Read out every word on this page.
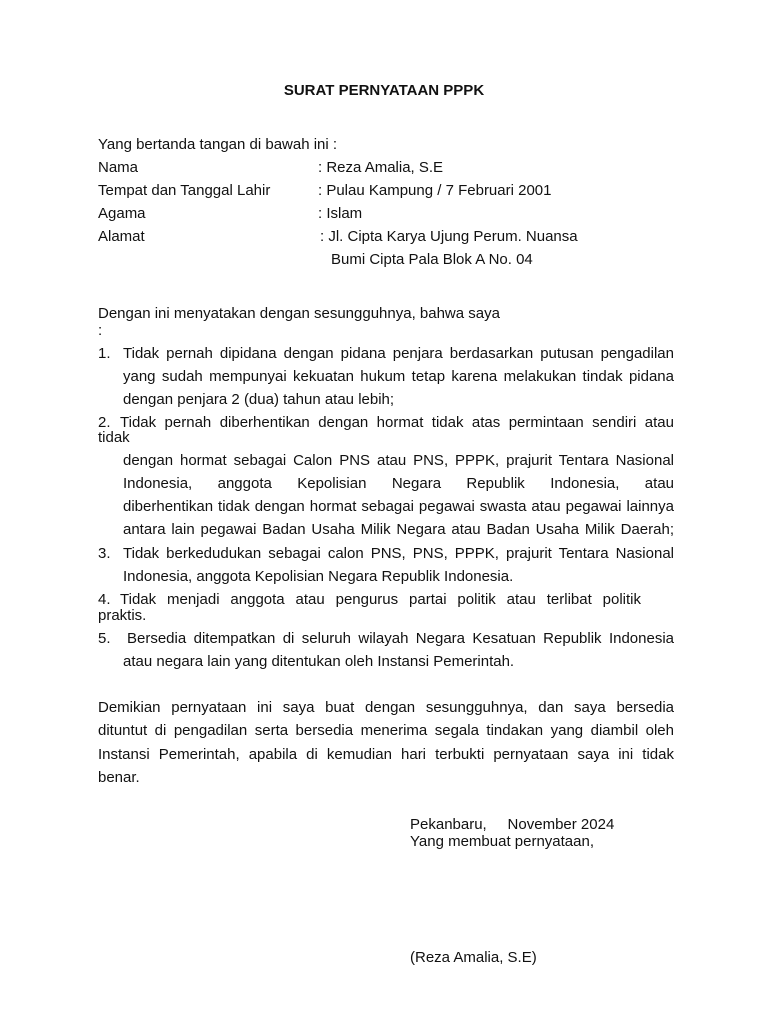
SURAT PERNYATAAN PPPK
Yang bertanda tangan di bawah ini :
Nama	: Reza Amalia, S.E
Tempat dan Tanggal Lahir	: Pulau Kampung / 7 Februari 2001
Agama	: Islam
Alamat	: Jl. Cipta Karya Ujung Perum. Nuansa
Bumi Cipta Pala Blok A No. 04
Dengan ini menyatakan dengan sesungguhnya, bahwa saya
:
1. Tidak pernah dipidana dengan pidana penjara berdasarkan putusan pengadilan
yang sudah mempunyai kekuatan hukum tetap karena melakukan tindak pidana
dengan penjara 2 (dua) tahun atau lebih;
2. Tidak pernah diberhentikan dengan hormat tidak atas permintaan sendiri atau
tidak
dengan hormat sebagai Calon PNS atau PNS, PPPK, prajurit Tentara Nasional
Indonesia, anggota Kepolisian Negara Republik Indonesia, atau
diberhentikan tidak dengan hormat sebagai pegawai swasta atau pegawai lainnya
antara lain pegawai Badan Usaha Milik Negara atau Badan Usaha Milik Daerah;
3. Tidak berkedudukan sebagai calon PNS, PNS, PPPK, prajurit Tentara Nasional
Indonesia, anggota Kepolisian Negara Republik Indonesia.
4. Tidak menjadi anggota atau pengurus partai politik atau terlibat politik
praktis.
5. Bersedia ditempatkan di seluruh wilayah Negara Kesatuan Republik Indonesia
atau negara lain yang ditentukan oleh Instansi Pemerintah.
Demikian pernyataan ini saya buat dengan sesungguhnya, dan saya bersedia
dituntut di pengadilan serta bersedia menerima segala tindakan yang diambil oleh
Instansi Pemerintah, apabila di kemudian hari terbukti pernyataan saya ini tidak
benar.
Pekanbaru,     November 2024
Yang membuat pernyataan,
(Reza Amalia, S.E)
